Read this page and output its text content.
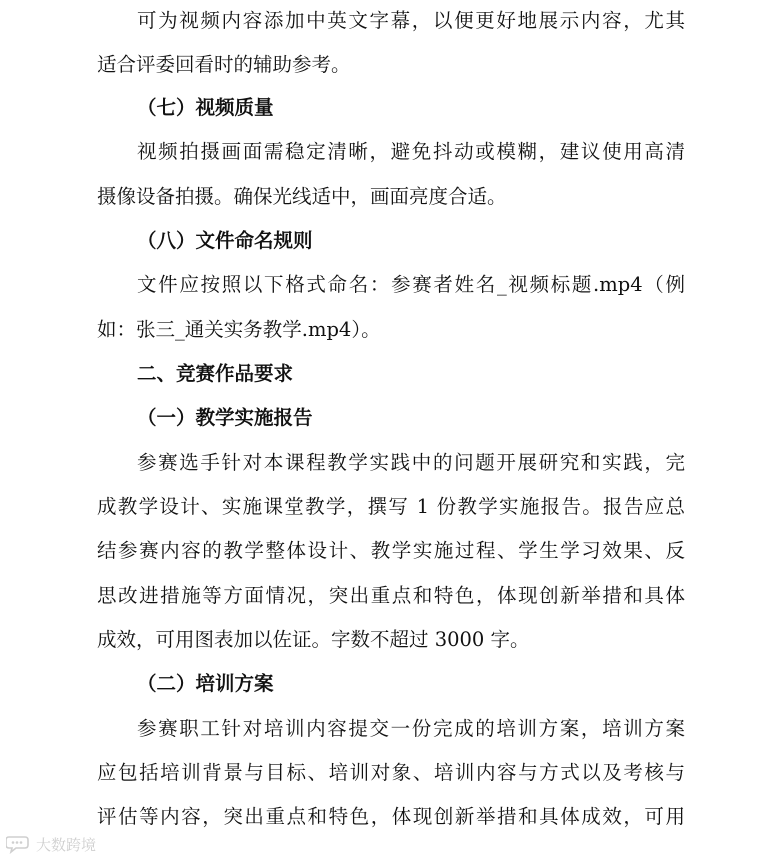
可为视频内容添加中英文字幕，以便更好地展示内容，尤其
适合评委回看时的辅助参考。
（七）视频质量
视频拍摄画面需稳定清晰，避免抖动或模糊，建议使用高清
摄像设备拍摄。确保光线适中，画面亮度合适。
（八）文件命名规则
文件应按照以下格式命名：参赛者姓名_视频标题.mp4（例
如：张三_通关实务教学.mp4）。
二、竞赛作品要求
（一）教学实施报告
参赛选手针对本课程教学实践中的问题开展研究和实践，完
成教学设计、实施课堂教学，撰写 1 份教学实施报告。报告应总
结参赛内容的教学整体设计、教学实施过程、学生学习效果、反
思改进措施等方面情况，突出重点和特色，体现创新举措和具体
成效，可用图表加以佐证。字数不超过 3000 字。
（二）培训方案
参赛职工针对培训内容提交一份完成的培训方案，培训方案
应包括培训背景与目标、培训对象、培训内容与方式以及考核与
评估等内容，突出重点和特色，体现创新举措和具体成效，可用
大数跨境
